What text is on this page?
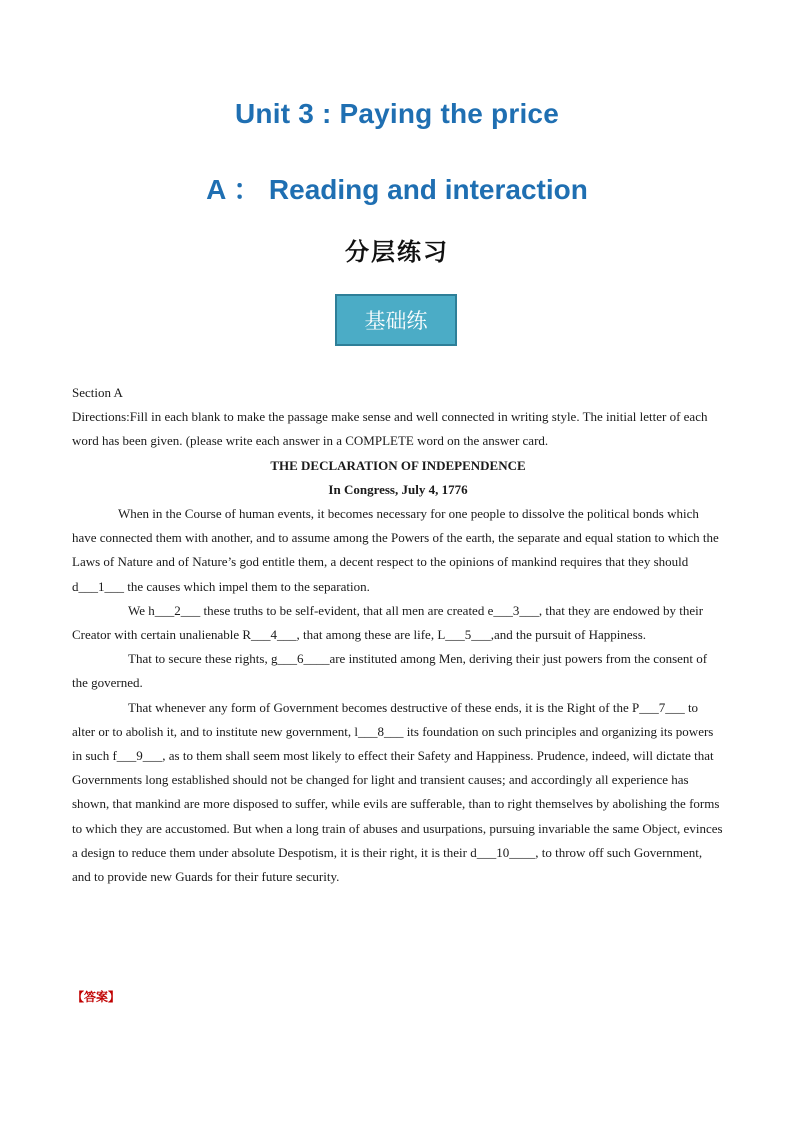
Unit 3 : Paying the price
A ： Reading and interaction
分层练习
基础练

Section A

Directions:Fill in each blank to make the passage make sense and well connected in writing style. The initial letter of each word has been given. (please write each answer in a COMPLETE word on the answer card.

THE DECLARATION OF INDEPENDENCE

In Congress, July 4, 1776

When in the Course of human events, it becomes necessary for one people to dissolve the political bonds which have connected them with another, and to assume among the Powers of the earth, the separate and equal station to which the Laws of Nature and of Nature’s god entitle them, a decent respect to the opinions of mankind requires that they should d___1___ the causes which impel them to the separation.

We h___2___ these truths to be self-evident, that all men are created e___3___, that they are endowed by their Creator with certain unalienable R___4___, that among these are life, L___5___,and the pursuit of Happiness.

That to secure these rights, g___6____are instituted among Men, deriving their just powers from the consent of the governed.

That whenever any form of Government becomes destructive of these ends, it is the Right of the P___7___ to alter or to abolish it, and to institute new government, l___8___ its foundation on such principles and organizing its powers in such f___9___, as to them shall seem most likely to effect their Safety and Happiness. Prudence, indeed, will dictate that Governments long established should not be changed for light and transient causes; and accordingly all experience has shown, that mankind are more disposed to suffer, while evils are sufferable, than to right themselves by abolishing the forms to which they are accustomed. But when a long train of abuses and usurpations, pursuing invariable the same Object, evinces a design to reduce them under absolute Despotism, it is their right, it is their d___10____, to throw off such Government, and to provide new Guards for their future security.

【答案】
